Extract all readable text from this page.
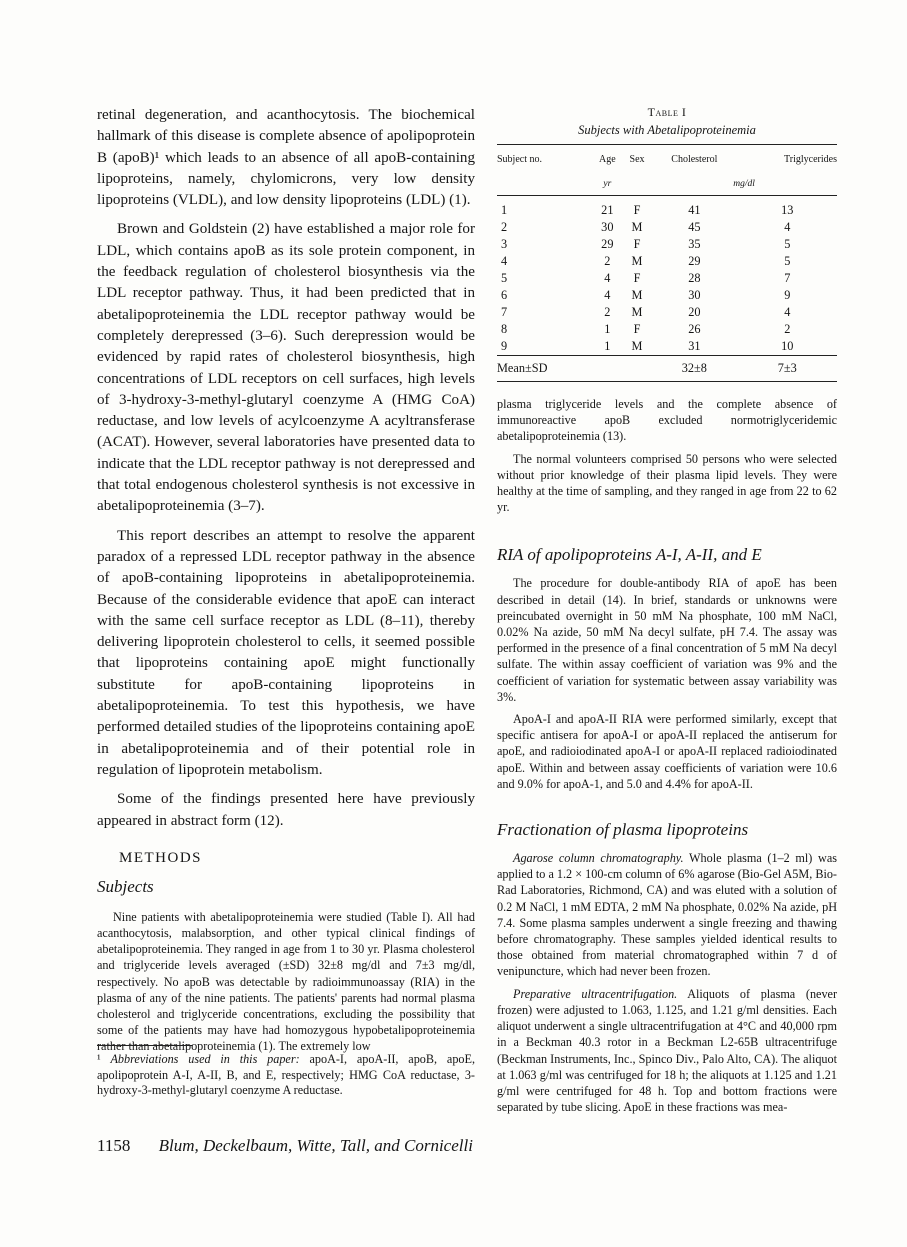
retinal degeneration, and acanthocytosis. The biochemical hallmark of this disease is complete absence of apolipoprotein B (apoB)¹ which leads to an absence of all apoB-containing lipoproteins, namely, chylomicrons, very low density lipoproteins (VLDL), and low density lipoproteins (LDL) (1).

Brown and Goldstein (2) have established a major role for LDL, which contains apoB as its sole protein component, in the feedback regulation of cholesterol biosynthesis via the LDL receptor pathway. Thus, it had been predicted that in abetalipoproteinemia the LDL receptor pathway would be completely derepressed (3–6). Such derepression would be evidenced by rapid rates of cholesterol biosynthesis, high concentrations of LDL receptors on cell surfaces, high levels of 3-hydroxy-3-methyl-glutaryl coenzyme A (HMG CoA) reductase, and low levels of acylcoenzyme A acyltransferase (ACAT). However, several laboratories have presented data to indicate that the LDL receptor pathway is not derepressed and that total endogenous cholesterol synthesis is not excessive in abetalipoproteinemia (3–7).

This report describes an attempt to resolve the apparent paradox of a repressed LDL receptor pathway in the absence of apoB-containing lipoproteins in abetalipoproteinemia. Because of the considerable evidence that apoE can interact with the same cell surface receptor as LDL (8–11), thereby delivering lipoprotein cholesterol to cells, it seemed possible that lipoproteins containing apoE might functionally substitute for apoB-containing lipoproteins in abetalipoproteinemia. To test this hypothesis, we have performed detailed studies of the lipoproteins containing apoE in abetalipoproteinemia and of their potential role in regulation of lipoprotein metabolism.

Some of the findings presented here have previously appeared in abstract form (12).

METHODS
Subjects

Nine patients with abetalipoproteinemia were studied (Table I). All had acanthocytosis, malabsorption, and other typical clinical findings of abetalipoproteinemia. They ranged in age from 1 to 30 yr. Plasma cholesterol and triglyceride levels averaged (±SD) 32±8 mg/dl and 7±3 mg/dl, respectively. No apoB was detectable by radioimmunoassay (RIA) in the plasma of any of the nine patients. The patients' parents had normal plasma cholesterol and triglyceride concentrations, excluding the possibility that some of the patients may have had homozygous hypobetalipoproteinemia rather than abetalipoproteinemia (1). The extremely low

¹ Abbreviations used in this paper: apoA-I, apoA-II, apoB, apoE, apolipoprotein A-I, A-II, B, and E, respectively; HMG CoA reductase, 3-hydroxy-3-methyl-glutaryl coenzyme A reductase.
1158 Blum, Deckelbaum, Witte, Tall, and Cornicelli
Table I
Subjects with Abetalipoproteinemia
Subject no.	Age	Sex	Cholesterol	Triglycerides
	yr		mg/dl	
1	21	F	41	13
2	30	M	45	4
3	29	F	35	5
4	2	M	29	5
5	4	F	28	7
6	4	M	30	9
7	2	M	20	4
8	1	F	26	2
9	1	M	31	10
Mean±SD			32±8	7±3

plasma triglyceride levels and the complete absence of immunoreactive apoB excluded normotriglyceridemic abetalipoproteinemia (13).

The normal volunteers comprised 50 persons who were selected without prior knowledge of their plasma lipid levels. They were healthy at the time of sampling, and they ranged in age from 22 to 62 yr.

RIA of apolipoproteins A-I, A-II, and E

The procedure for double-antibody RIA of apoE has been described in detail (14). In brief, standards or unknowns were preincubated overnight in 50 mM Na phosphate, 100 mM NaCl, 0.02% Na azide, 50 mM Na decyl sulfate, pH 7.4. The assay was performed in the presence of a final concentration of 5 mM Na decyl sulfate. The within assay coefficient of variation was 9% and the coefficient of variation for systematic between assay variability was 3%.

ApoA-I and apoA-II RIA were performed similarly, except that specific antisera for apoA-I or apoA-II replaced the antiserum for apoE, and radioiodinated apoA-I or apoA-II replaced radioiodinated apoE. Within and between assay coefficients of variation were 10.6 and 9.0% for apoA-1, and 5.0 and 4.4% for apoA-II.

Fractionation of plasma lipoproteins

Agarose column chromatography. Whole plasma (1–2 ml) was applied to a 1.2 × 100-cm column of 6% agarose (Bio-Gel A5M, Bio-Rad Laboratories, Richmond, CA) and was eluted with a solution of 0.2 M NaCl, 1 mM EDTA, 2 mM Na phosphate, 0.02% Na azide, pH 7.4. Some plasma samples underwent a single freezing and thawing before chromatography. These samples yielded identical results to those obtained from material chromatographed within 7 d of venipuncture, which had never been frozen.

Preparative ultracentrifugation. Aliquots of plasma (never frozen) were adjusted to 1.063, 1.125, and 1.21 g/ml densities. Each aliquot underwent a single ultracentrifugation at 4°C and 40,000 rpm in a Beckman 40.3 rotor in a Beckman L2-65B ultracentrifuge (Beckman Instruments, Inc., Spinco Div., Palo Alto, CA). The aliquot at 1.063 g/ml was centrifuged for 18 h; the aliquots at 1.125 and 1.21 g/ml were centrifuged for 48 h. Top and bottom fractions were separated by tube slicing. ApoE in these fractions was mea-
